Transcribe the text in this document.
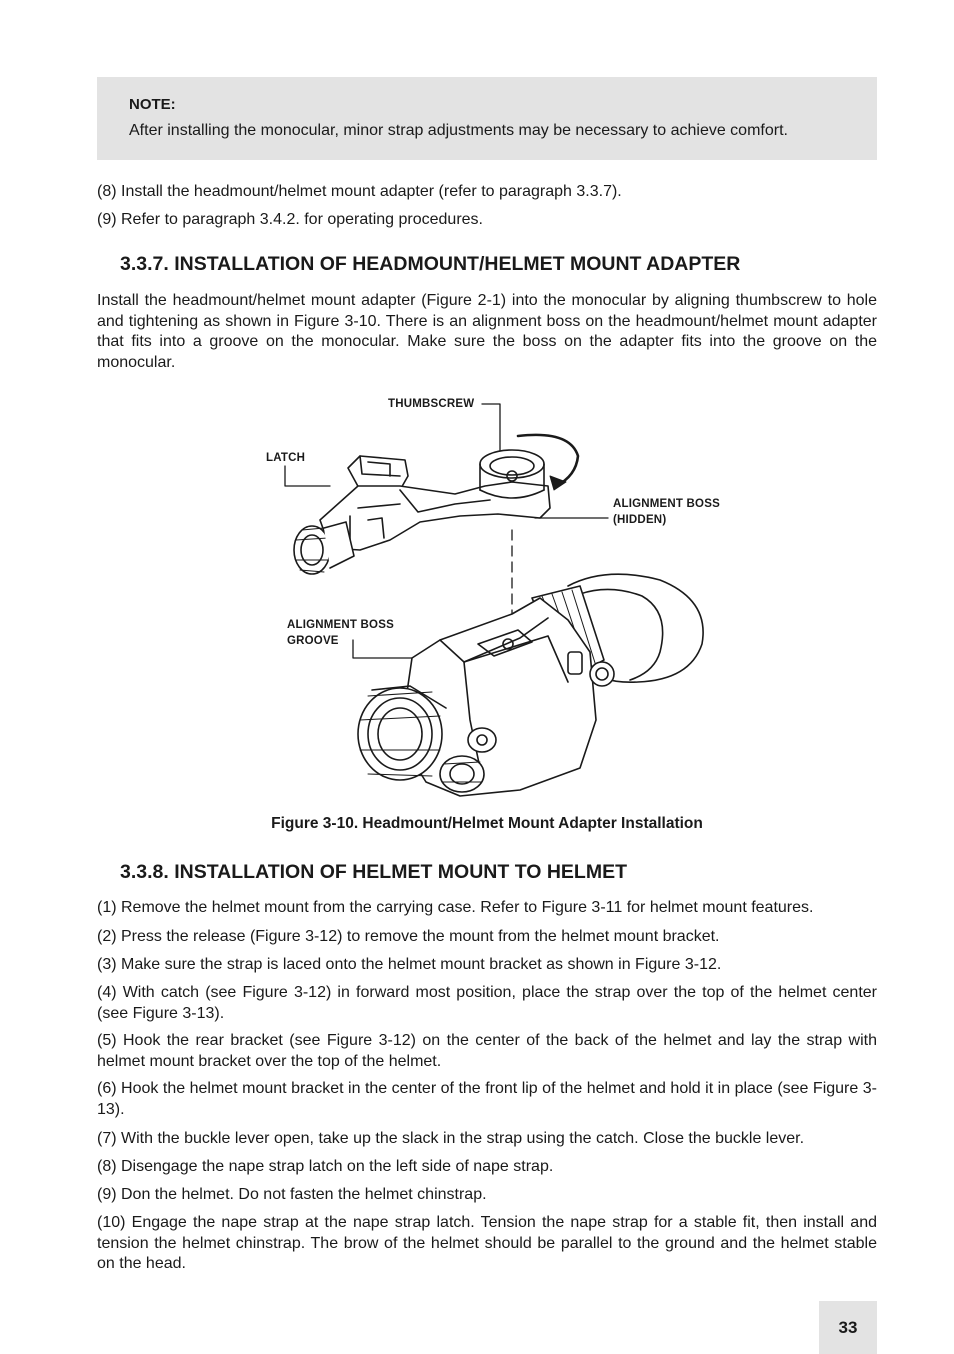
NOTE:

After installing the monocular, minor strap adjustments may be necessary to achieve comfort.

(8) Install the headmount/helmet mount adapter (refer to paragraph 3.3.7).

(9) Refer to paragraph 3.4.2. for operating procedures.

3.3.7. INSTALLATION OF HEADMOUNT/HELMET MOUNT ADAPTER

Install the headmount/helmet mount adapter (Figure 2-1) into the monocular by aligning thumbscrew to hole and tightening as shown in Figure 3-10. There is an alignment boss on the headmount/helmet mount adapter that fits into a groove on the monocular. Make sure the boss on the adapter fits into the groove on the monocular.

THUMBSCREW
LATCH
ALIGNMENT BOSS
(HIDDEN)
ALIGNMENT BOSS
GROOVE

Figure 3-10. Headmount/Helmet Mount Adapter Installation

3.3.8. INSTALLATION OF HELMET MOUNT TO HELMET

(1) Remove the helmet mount from the carrying case. Refer to Figure 3-11 for helmet mount features.

(2) Press the release (Figure 3-12) to remove the mount from the helmet mount bracket.

(3) Make sure the strap is laced onto the helmet mount bracket as shown in Figure 3-12.

(4) With catch (see Figure 3-12) in forward most position, place the strap over the top of the helmet center (see Figure 3-13).

(5) Hook the rear bracket (see Figure 3-12) on the center of the back of the helmet and lay the strap with helmet mount bracket over the top of the helmet.

(6) Hook the helmet mount bracket in the center of the front lip of the helmet and hold it in place (see Figure 3-13).

(7) With the buckle lever open, take up the slack in the strap using the catch. Close the buckle lever.

(8) Disengage the nape strap latch on the left side of nape strap.

(9) Don the helmet. Do not fasten the helmet chinstrap.

(10) Engage the nape strap at the nape strap latch. Tension the nape strap for a stable fit, then install and tension the helmet chinstrap. The brow of the helmet should be parallel to the ground and the helmet stable on the head.

33
